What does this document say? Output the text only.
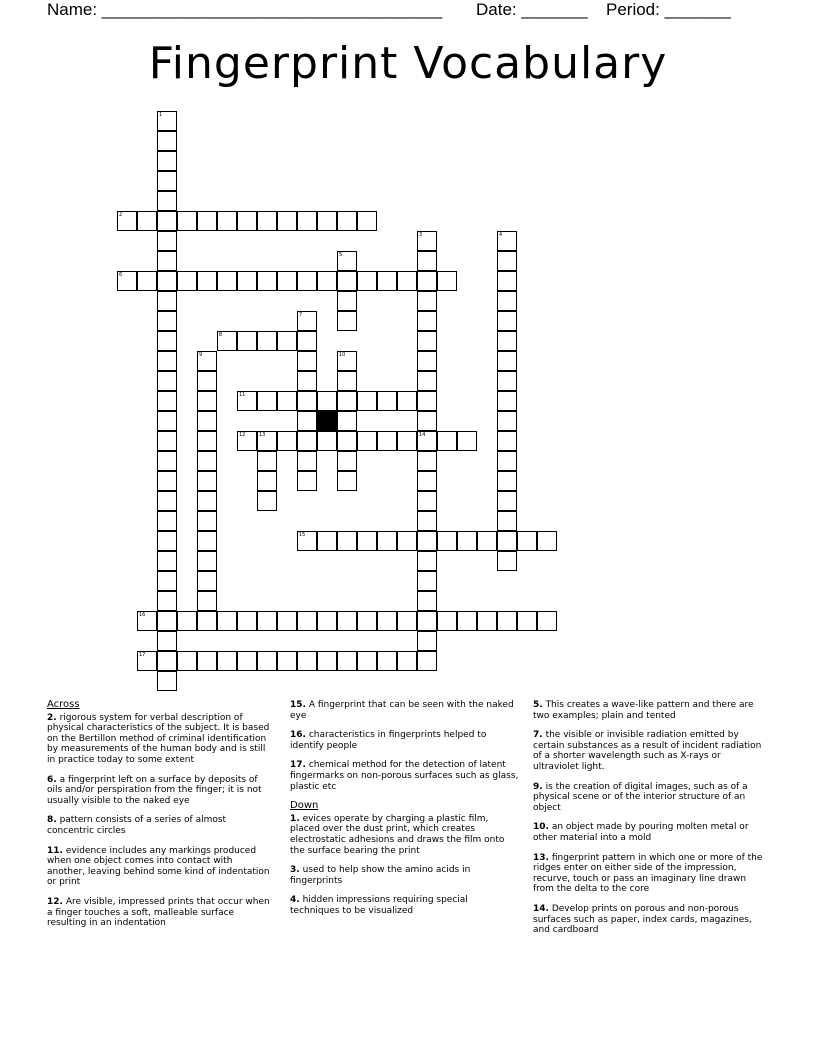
Name: ____________________________________ Date: _______ Period: _______
Fingerprint Vocabulary
1
2
3	4
5
6
7
8
9	10
11
12	13	14
15
16
17
Across
2. rigorous system for verbal description of physical characteristics of the subject. It is based on the Bertillon method of criminal identification by measurements of the human body and is still in practice today to some extent
6. a fingerprint left on a surface by deposits of oils and/or perspiration from the finger; it is not usually visible to the naked eye
8. pattern consists of a series of almost concentric circles
11. evidence includes any markings produced when one object comes into contact with another, leaving behind some kind of indentation or print
12. Are visible, impressed prints that occur when a finger touches a soft, malleable surface resulting in an indentation
15. A fingerprint that can be seen with the naked eye
16. characteristics in fingerprints helped to identify people
17. chemical method for the detection of latent fingermarks on non-porous surfaces such as glass, plastic etc
Down
1. evices operate by charging a plastic film, placed over the dust print, which creates electrostatic adhesions and draws the film onto the surface bearing the print
3. used to help show the amino acids in fingerprints
4. hidden impressions requiring special techniques to be visualized
5. This creates a wave-like pattern and there are two examples; plain and tented
7. the visible or invisible radiation emitted by certain substances as a result of incident radiation of a shorter wavelength such as X-rays or ultraviolet light.
9. is the creation of digital images, such as of a physical scene or of the interior structure of an object
10. an object made by pouring molten metal or other material into a mold
13. fingerprint pattern in which one or more of the ridges enter on either side of the impression, recurve, touch or pass an imaginary line drawn from the delta to the core
14. Develop prints on porous and non-porous surfaces such as paper, index cards, magazines, and cardboard
